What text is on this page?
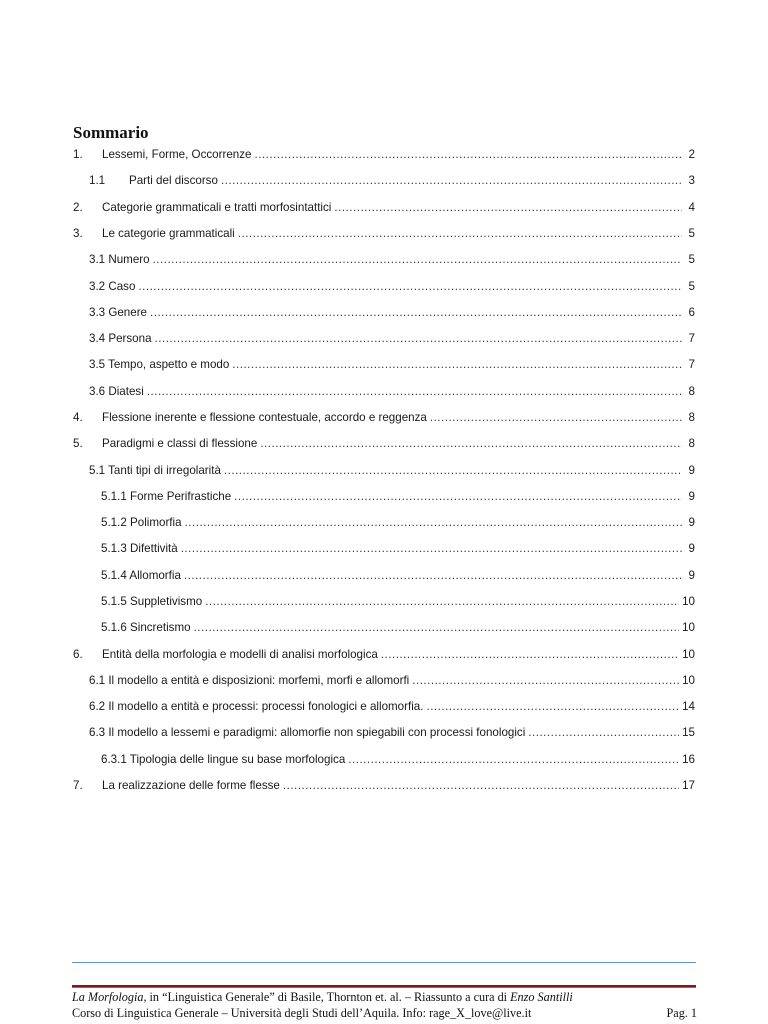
Sommario
1.	Lessemi, Forme, Occorrenze .....	2
1.1	Parti del discorso .....	3
2.	Categorie grammaticali e tratti morfosintattici .....	4
3.	Le categorie grammaticali .....	5
3.1 Numero .....	5
3.2 Caso .....	5
3.3 Genere .....	6
3.4 Persona .....	7
3.5 Tempo, aspetto e modo .....	7
3.6 Diatesi .....	8
4.	Flessione inerente e flessione contestuale, accordo e reggenza .....	8
5.	Paradigmi e classi di flessione .....	8
5.1 Tanti tipi di irregolarità .....	9
5.1.1 Forme Perifrastiche .....	9
5.1.2 Polimorfia .....	9
5.1.3 Difettività .....	9
5.1.4 Allomorfia .....	9
5.1.5 Suppletivismo .....	10
5.1.6 Sincretismo .....	10
6.	Entità della morfologia e modelli di analisi morfologica .....	10
6.1 Il modello a entità e disposizioni: morfemi, morfi e allomorfi .....	10
6.2 Il modello a entità e processi: processi fonologici e allomorfia. .....	14
6.3 Il modello a lessemi e paradigmi: allomorfie non spiegabili con processi fonologici .....	15
6.3.1 Tipologia delle lingue su base morfologica .....	16
7.	La realizzazione delle forme flesse .....	17
La Morfologia, in “Linguistica Generale” di Basile, Thornton et. al. – Riassunto a cura di Enzo Santilli
Corso di Linguistica Generale – Università degli Studi dell’Aquila. Info: rage_X_love@live.it	Pag. 1
